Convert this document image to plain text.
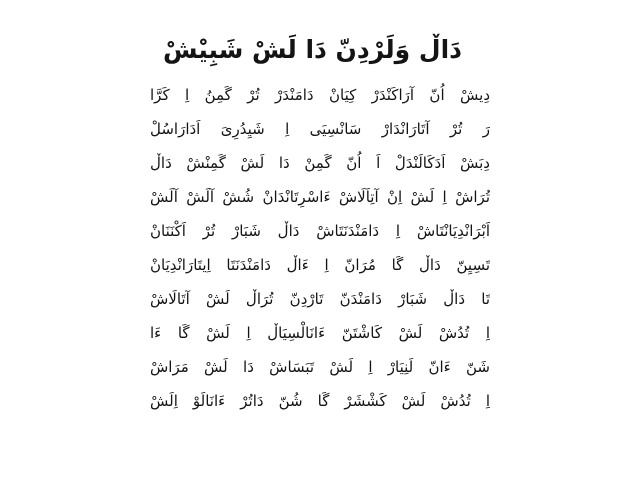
دَاڵ وَلَرْدِنّ دَا لَشْ شَبِیْشْ
دِیشْ اُنّ آرَاکَنْدَرْ کِیَانْ دَامَنْدَرْ تُرْ گَمِنُ اِ کَرَّا
رَ تُرْ آتَارَانْدَارْ سَانْسِیَى اِ شَیِدُرِیَ اَدَارَاسُلْ
دِبَشْ اَدَکَالَنْدَلْ اَ اُنّ گَمِنْ دَا لَشْ گَمِنْشْ دَاڵ
تُرَاشْ اِ لَشْ اِنْ آتِاَلَاشْ ءَاسْرِتَانْدَانْ شُشْ آلَشْ آلَشْ
اَبْرَانْدِیَانْتَاشْ اِ دَامَنْدَنَتَاشْ دَاڵ شَبَارْ تُرْ اَکْنَنَانْ
تَسِیِنّ دَاڵ گَا مُرَانّ اِ ءَاڵ دَامَنْدَنَتَا اِیتَارَانْدِیَانْ
تَا دَاڵ شَبَارْ دَامَنْدَنّ تَارْدِنّ تُرَاڵ لَشْ آتَالَاشْ
اِ تُدُشْ لَشْ کَاشْتَنّ ءَانَالْسِیَاڵ اِ لَشْ گَا ءَا
شَنّ ءَانّ لَنِیَارْ اِ لَشْ تَبَسَاشْ دَا لَشْ مَرَاشْ
اِ تُدُشْ لَشْ کَشْشَرْ گَا شُنّ دَاتُرْ ءَانَالَوْ اِلَشْ
